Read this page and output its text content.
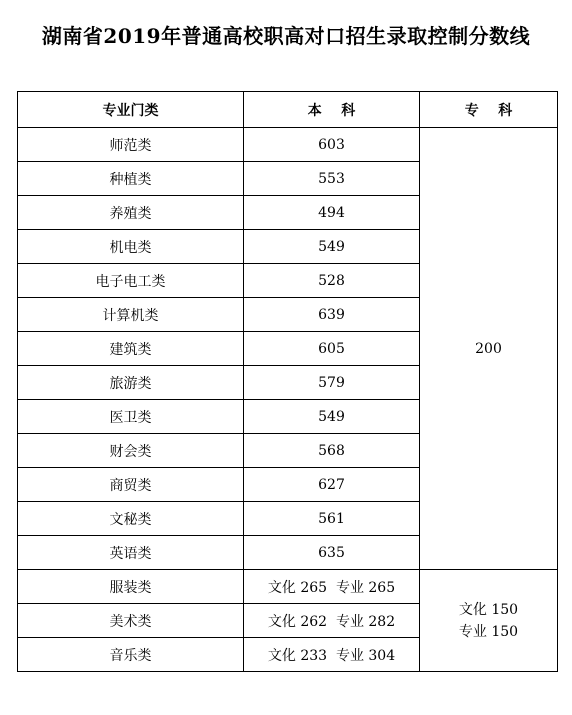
湖南省2019年普通高校职高对口招生录取控制分数线
专业门类	本    科	专    科
师范类	603	200
种植类	553	
养殖类	494	
机电类	549	
电子电工类	528	
计算机类	639	
建筑类	605	
旅游类	579	
医卫类	549	
财会类	568	
商贸类	627	
文秘类	561	
英语类	635	
服装类	文化 265  专业 265	文化 150
专业 150

美术类	文化 262  专业 282	
音乐类	文化 233  专业 304	
